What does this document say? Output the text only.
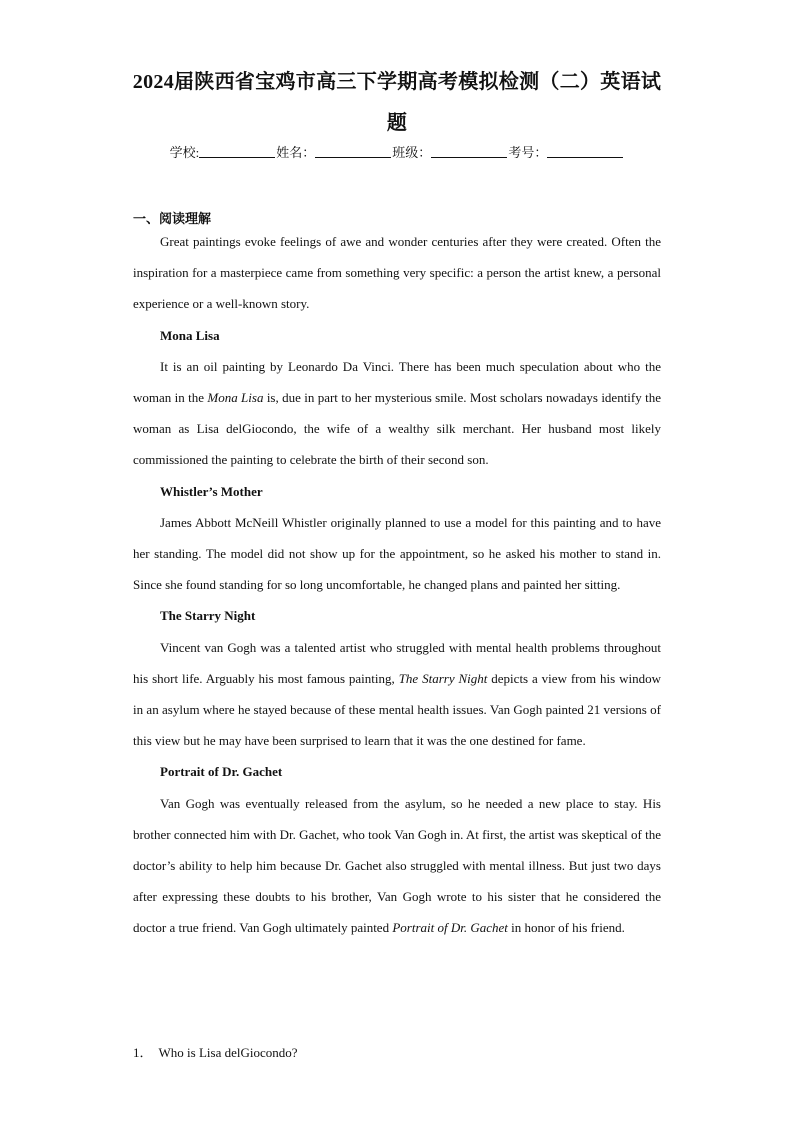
2024届陕西省宝鸡市高三下学期高考模拟检测（二）英语试
题
学校:	姓名：	班级：	考号：
一、阅读理解

Great paintings evoke feelings of awe and wonder centuries after they were created. Often the inspiration for a masterpiece came from something very specific: a person the artist knew, a personal experience or a well-known story.

Mona Lisa

It is an oil painting by Leonardo Da Vinci. There has been much speculation about who the woman in the Mona Lisa is, due in part to her mysterious smile. Most scholars nowadays identify the woman as Lisa delGiocondo, the wife of a wealthy silk merchant. Her husband most likely commissioned the painting to celebrate the birth of their second son.

Whistler’s Mother

James Abbott McNeill Whistler originally planned to use a model for this painting and to have her standing. The model did not show up for the appointment, so he asked his mother to stand in. Since she found standing for so long uncomfortable, he changed plans and painted her sitting.

The Starry Night

Vincent van Gogh was a talented artist who struggled with mental health problems throughout his short life. Arguably his most famous painting, The Starry Night depicts a view from his window in an asylum where he stayed because of these mental health issues. Van Gogh painted 21 versions of this view but he may have been surprised to learn that it was the one destined for fame.

Portrait of Dr. Gachet

Van Gogh was eventually released from the asylum, so he needed a new place to stay. His brother connected him with Dr. Gachet, who took Van Gogh in. At first, the artist was skeptical of the doctor’s ability to help him because Dr. Gachet also struggled with mental illness. But just two days after expressing these doubts to his brother, Van Gogh wrote to his sister that he considered the doctor a true friend. Van Gogh ultimately painted Portrait of Dr. Gachet in honor of his friend.

1． Who is Lisa delGiocondo?
